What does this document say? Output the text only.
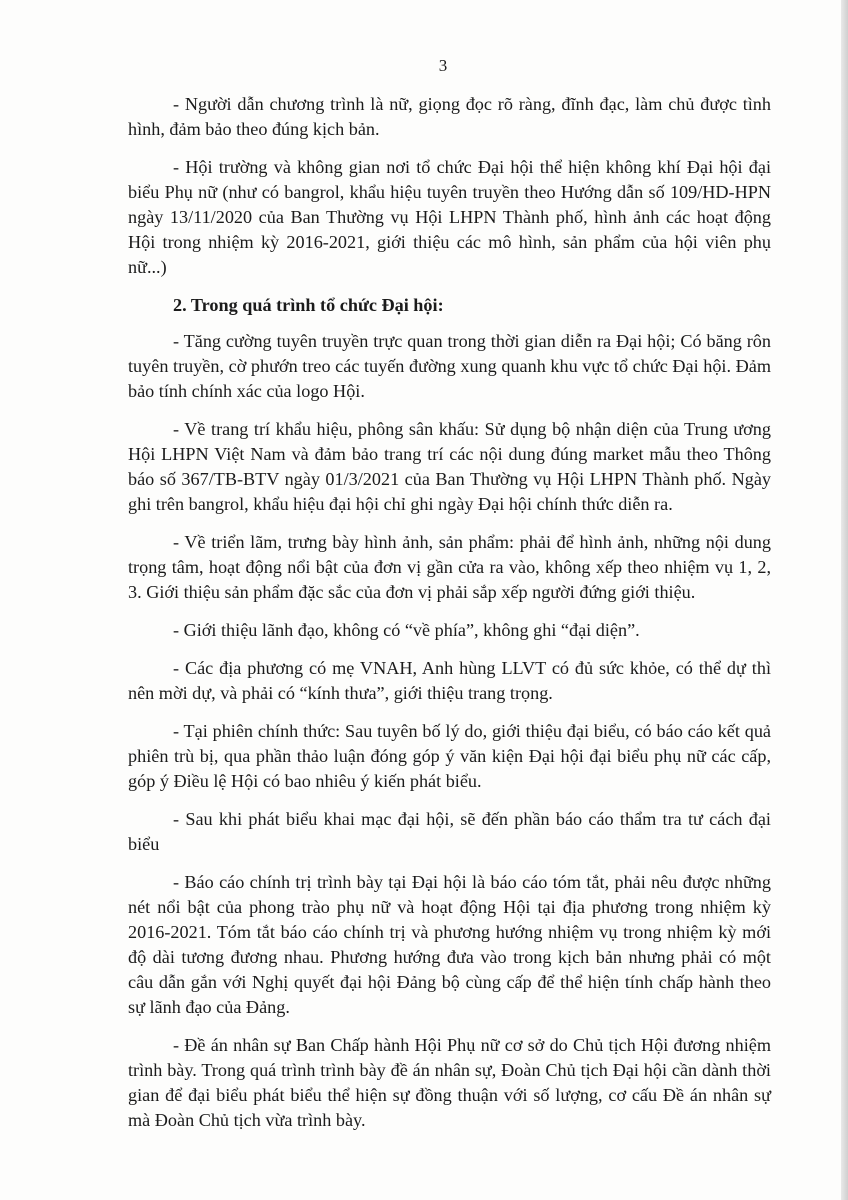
3

- Người dẫn chương trình là nữ, giọng đọc rõ ràng, đĩnh đạc, làm chủ được tình hình, đảm bảo theo đúng kịch bản.

- Hội trường và không gian nơi tổ chức Đại hội thể hiện không khí Đại hội đại biểu Phụ nữ (như có bangrol, khẩu hiệu tuyên truyền theo Hướng dẫn số 109/HD-HPN ngày 13/11/2020 của Ban Thường vụ Hội LHPN Thành phố, hình ảnh các hoạt động Hội trong nhiệm kỳ 2016-2021, giới thiệu các mô hình, sản phẩm của hội viên phụ nữ...)

2. Trong quá trình tổ chức Đại hội:

- Tăng cường tuyên truyền trực quan trong thời gian diễn ra Đại hội; Có băng rôn tuyên truyền, cờ phướn treo các tuyến đường xung quanh khu vực tổ chức Đại hội. Đảm bảo tính chính xác của logo Hội.

- Về trang trí khẩu hiệu, phông sân khấu: Sử dụng bộ nhận diện của Trung ương Hội LHPN Việt Nam và đảm bảo trang trí các nội dung đúng market mẫu theo Thông báo số 367/TB-BTV ngày 01/3/2021 của Ban Thường vụ Hội LHPN Thành phố. Ngày ghi trên bangrol, khẩu hiệu đại hội chỉ ghi ngày Đại hội chính thức diễn ra.

- Về triển lãm, trưng bày hình ảnh, sản phẩm: phải để hình ảnh, những nội dung trọng tâm, hoạt động nổi bật của đơn vị gần cửa ra vào, không xếp theo nhiệm vụ 1, 2, 3. Giới thiệu sản phẩm đặc sắc của đơn vị phải sắp xếp người đứng giới thiệu.

- Giới thiệu lãnh đạo, không có “về phía”, không ghi “đại diện”.

- Các địa phương có mẹ VNAH, Anh hùng LLVT có đủ sức khỏe, có thể dự thì nên mời dự, và phải có “kính thưa”, giới thiệu trang trọng.

- Tại phiên chính thức: Sau tuyên bố lý do, giới thiệu đại biểu, có báo cáo kết quả phiên trù bị, qua phần thảo luận đóng góp ý văn kiện Đại hội đại biểu phụ nữ các cấp, góp ý Điều lệ Hội có bao nhiêu ý kiến phát biểu.

- Sau khi phát biểu khai mạc đại hội, sẽ đến phần báo cáo thẩm tra tư cách đại biểu

- Báo cáo chính trị trình bày tại Đại hội là báo cáo tóm tắt, phải nêu được những nét nổi bật của phong trào phụ nữ và hoạt động Hội tại địa phương trong nhiệm kỳ 2016-2021. Tóm tắt báo cáo chính trị và phương hướng nhiệm vụ trong nhiệm kỳ mới độ dài tương đương nhau. Phương hướng đưa vào trong kịch bản nhưng phải có một câu dẫn gắn với Nghị quyết đại hội Đảng bộ cùng cấp để thể hiện tính chấp hành theo sự lãnh đạo của Đảng.

- Đề án nhân sự Ban Chấp hành Hội Phụ nữ cơ sở do Chủ tịch Hội đương nhiệm trình bày. Trong quá trình trình bày đề án nhân sự, Đoàn Chủ tịch Đại hội cần dành thời gian để đại biểu phát biểu thể hiện sự đồng thuận với số lượng, cơ cấu Đề án nhân sự mà Đoàn Chủ tịch vừa trình bày.
